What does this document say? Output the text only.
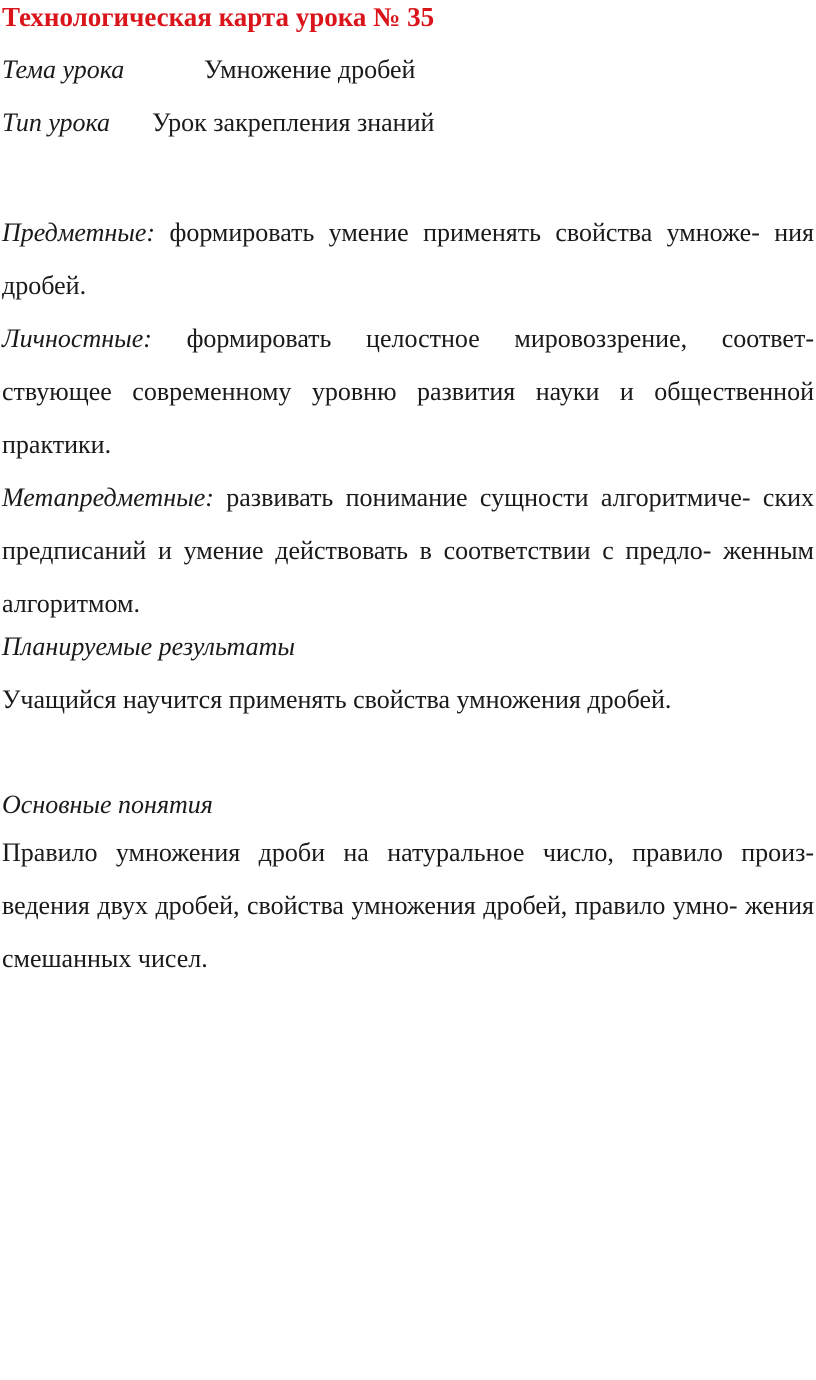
Технологическая карта урока № 35
Тема урока	Умножение дробей
Тип урока Урок закрепления знаний
Предметные: формировать умение применять свойства умноже- ния дробей.
Личностные: формировать целостное мировоззрение, соответ- ствующее современному уровню развития науки и общественной практики.
Метапредметные: развивать понимание сущности алгоритмиче- ских предписаний и умение действовать в соответствии с предло- женным алгоритмом.
Планируемые результаты
Учащийся научится применять свойства умножения дробей.
Основные понятия
Правило умножения дроби на натуральное число, правило произ- ведения двух дробей, свойства умножения дробей, правило умно- жения смешанных чисел.
